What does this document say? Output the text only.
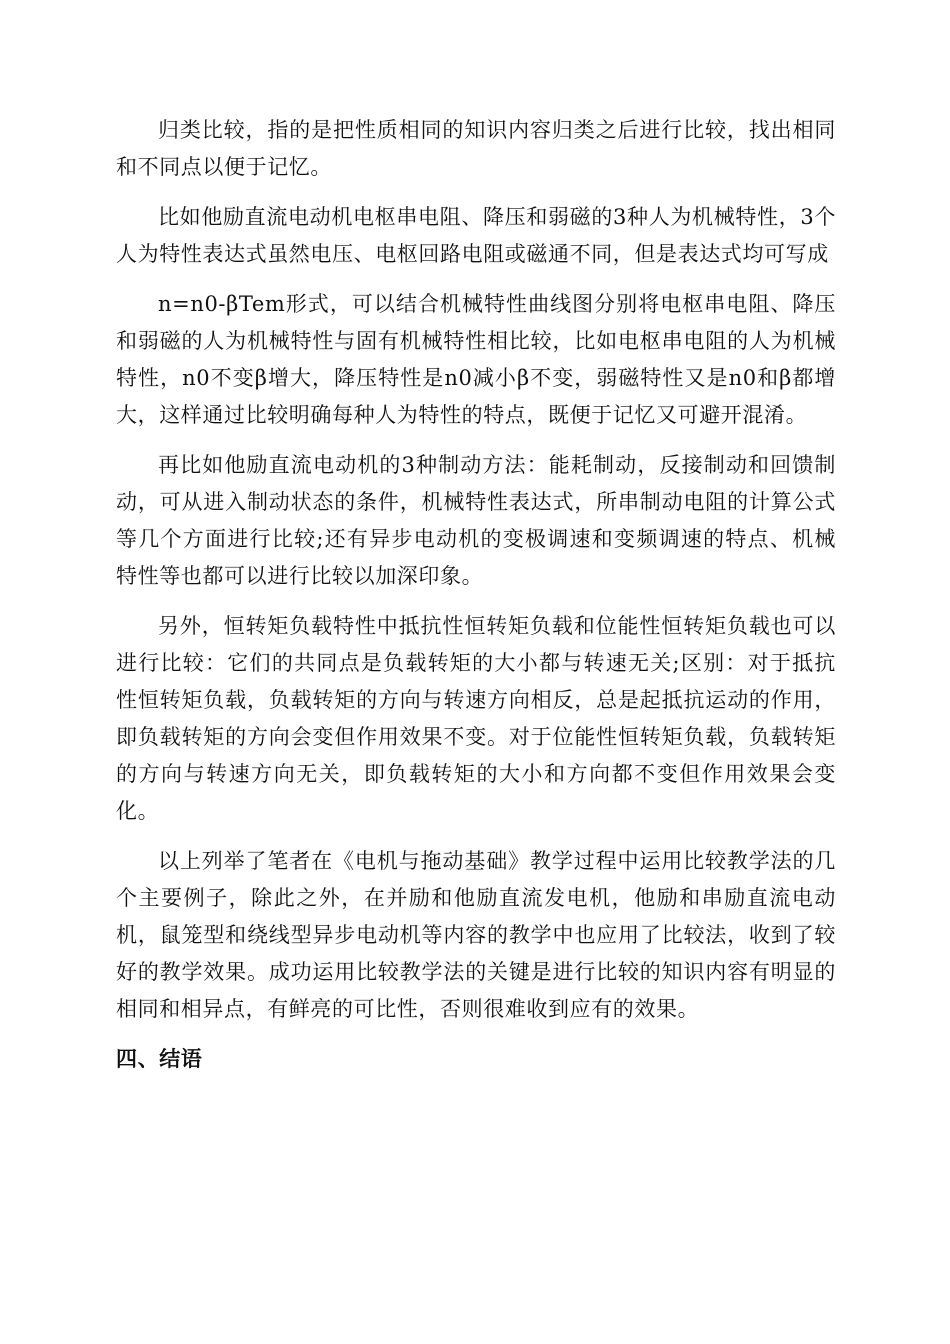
归类比较，指的是把性质相同的知识内容归类之后进行比较，找出相同和不同点以便于记忆。

比如他励直流电动机电枢串电阻、降压和弱磁的3种人为机械特性，3个人为特性表达式虽然电压、电枢回路电阻或磁通不同，但是表达式均可写成

n=n0-βTem形式，可以结合机械特性曲线图分别将电枢串电阻、降压和弱磁的人为机械特性与固有机械特性相比较，比如电枢串电阻的人为机械特性，n0不变β增大，降压特性是n0减小β不变，弱磁特性又是n0和β都增大，这样通过比较明确每种人为特性的特点，既便于记忆又可避开混淆。

再比如他励直流电动机的3种制动方法：能耗制动，反接制动和回馈制动，可从进入制动状态的条件，机械特性表达式，所串制动电阻的计算公式等几个方面进行比较;还有异步电动机的变极调速和变频调速的特点、机械特性等也都可以进行比较以加深印象。

另外，恒转矩负载特性中抵抗性恒转矩负载和位能性恒转矩负载也可以进行比较：它们的共同点是负载转矩的大小都与转速无关;区别：对于抵抗性恒转矩负载，负载转矩的方向与转速方向相反，总是起抵抗运动的作用，即负载转矩的方向会变但作用效果不变。对于位能性恒转矩负载，负载转矩的方向与转速方向无关，即负载转矩的大小和方向都不变但作用效果会变化。

以上列举了笔者在《电机与拖动基础》教学过程中运用比较教学法的几个主要例子，除此之外，在并励和他励直流发电机，他励和串励直流电动机，鼠笼型和绕线型异步电动机等内容的教学中也应用了比较法，收到了较好的教学效果。成功运用比较教学法的关键是进行比较的知识内容有明显的相同和相异点，有鲜亮的可比性，否则很难收到应有的效果。

四、结语
